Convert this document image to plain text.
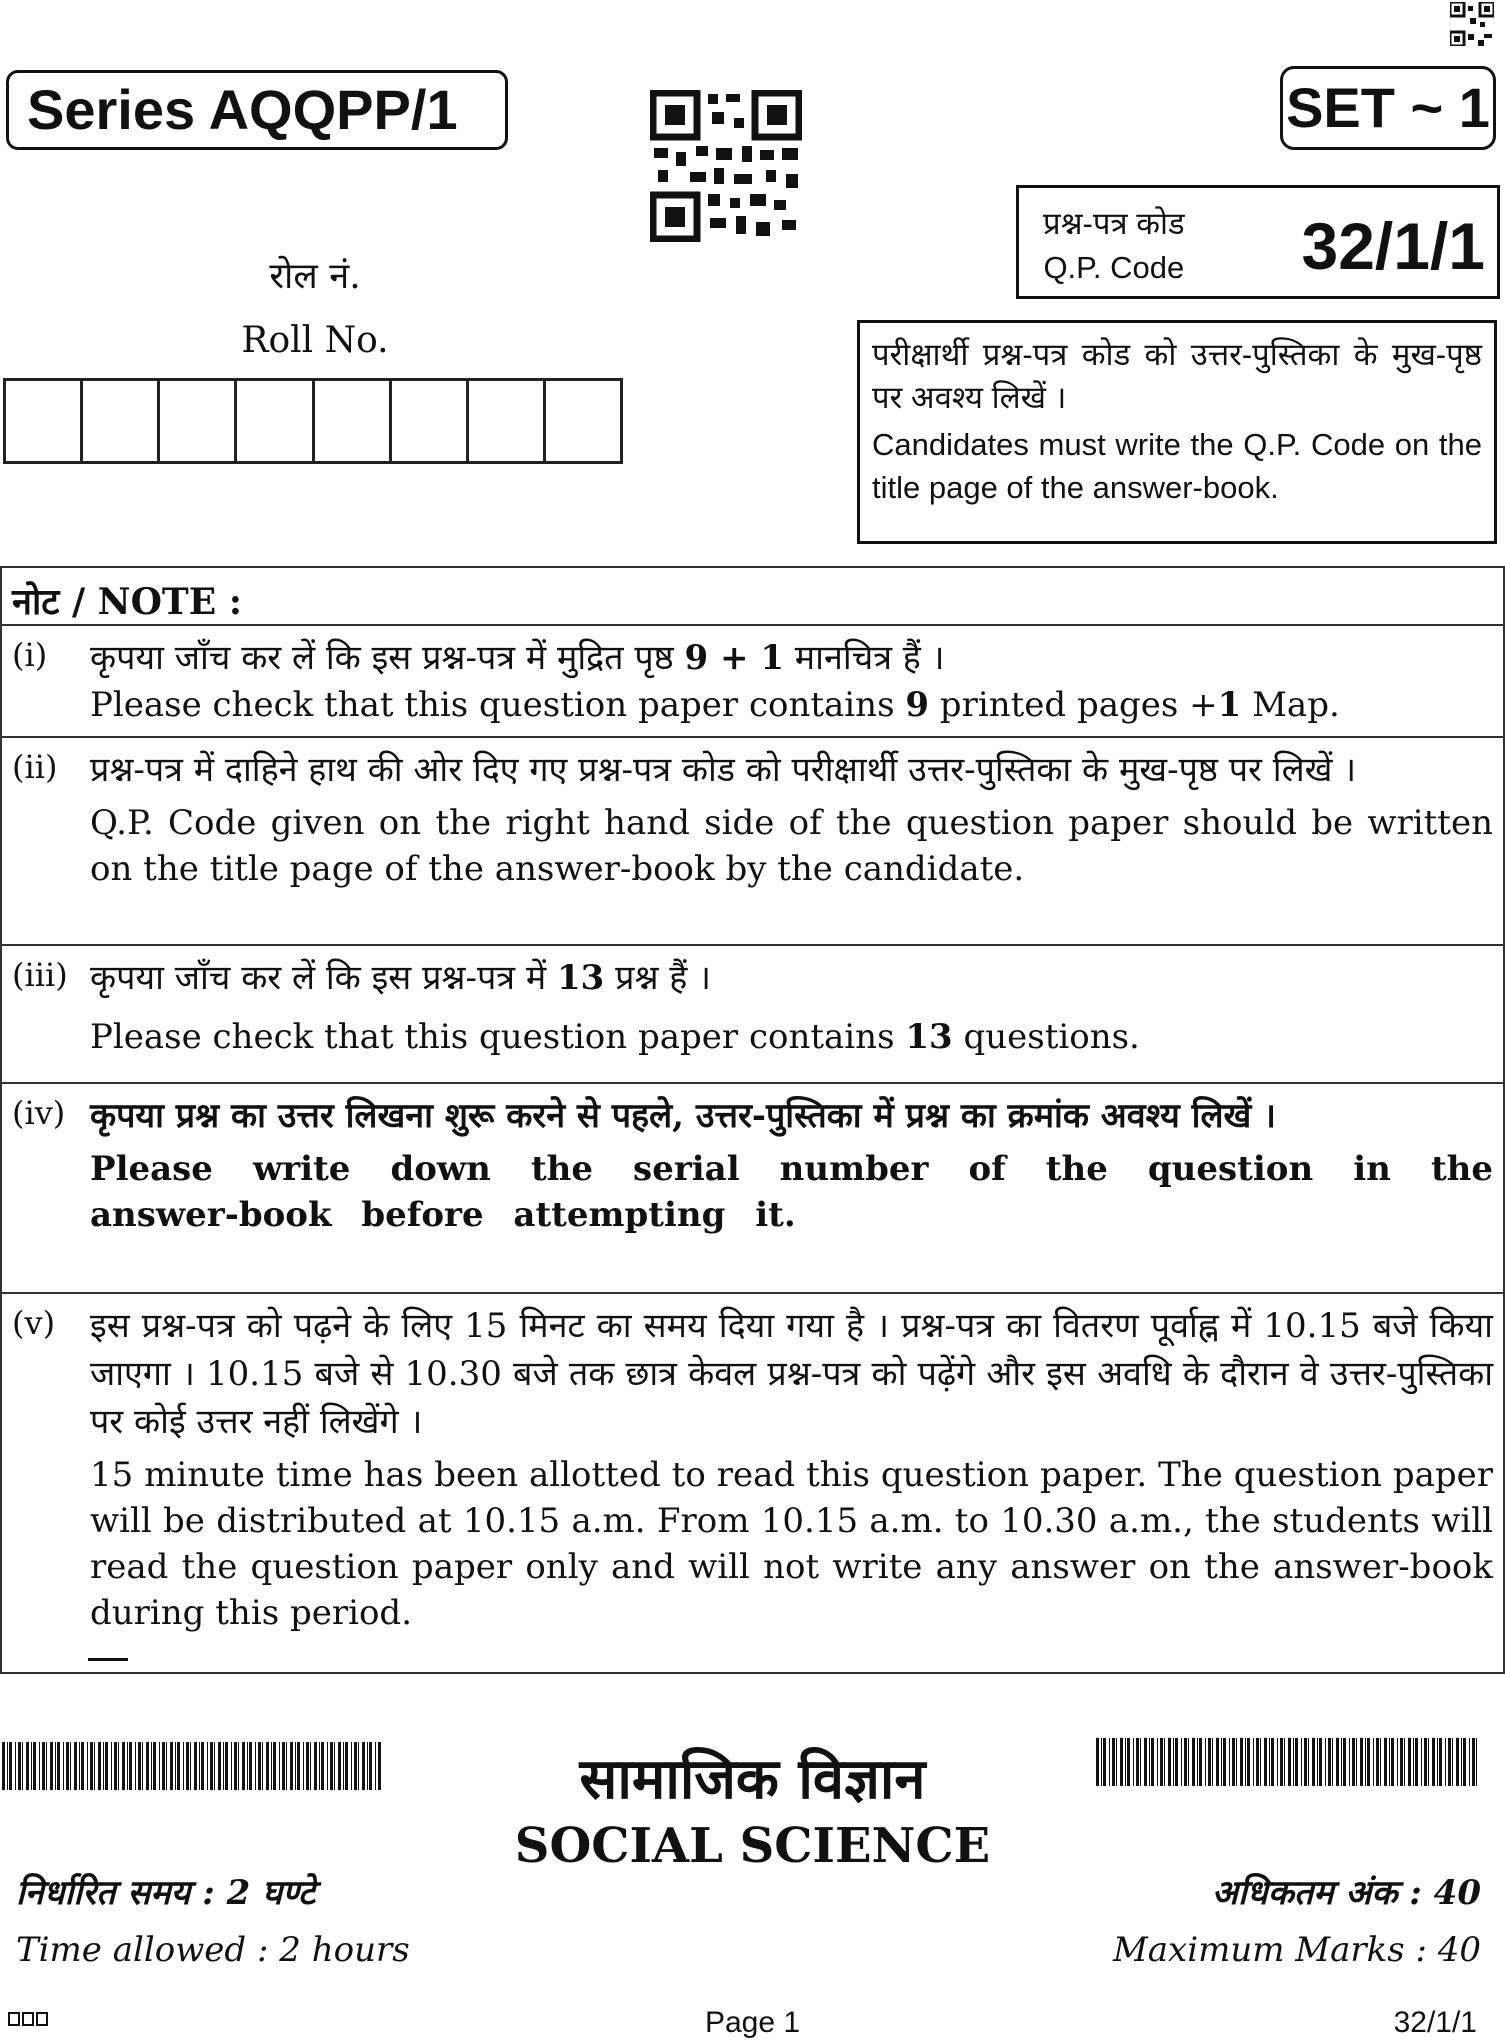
Series AQQPP/1	SET ~ 1
प्रश्न-पत्र कोड
Q.P. Code 32/1/1
रोल नं.
Roll No.	परीक्षार्थी प्रश्न-पत्र कोड को उत्तर-पुस्तिका के मुख-पृष्ठ पर अवश्य लिखें ।

Candidates must write the Q.P. Code on the title page of the answer-book.

नोट / NOTE :
(i) कृपया जाँच कर लें कि इस प्रश्न-पत्र में मुद्रित पृष्ठ 9 + 1 मानचित्र हैं ।

Please check that this question paper contains 9 printed pages +1 Map.

(ii) प्रश्न-पत्र में दाहिने हाथ की ओर दिए गए प्रश्न-पत्र कोड को परीक्षार्थी उत्तर-पुस्तिका के मुख-पृष्ठ पर लिखें ।

Q.P. Code given on the right hand side of the question paper should be written on the title page of the answer-book by the candidate.

(iii) कृपया जाँच कर लें कि इस प्रश्न-पत्र में 13 प्रश्न हैं ।

Please check that this question paper contains 13 questions.

(iv) कृपया प्रश्न का उत्तर लिखना शुरू करने से पहले, उत्तर-पुस्तिका में प्रश्न का क्रमांक अवश्य लिखें ।

Please write down the serial number of the question in the answer-book before attempting it.

(v) इस प्रश्न-पत्र को पढ़ने के लिए 15 मिनट का समय दिया गया है । प्रश्न-पत्र का वितरण पूर्वाह्न में 10.15 बजे किया जाएगा । 10.15 बजे से 10.30 बजे तक छात्र केवल प्रश्न-पत्र को पढ़ेंगे और इस अवधि के दौरान वे उत्तर-पुस्तिका पर कोई उत्तर नहीं लिखेंगे ।

15 minute time has been allotted to read this question paper. The question paper will be distributed at 10.15 a.m. From 10.15 a.m. to 10.30 a.m., the students will read the question paper only and will not write any answer on the answer-book during this period.

सामाजिक विज्ञान
SOCIAL SCIENCE
निर्धारित समय : 2 घण्टे
Time allowed : 2 hours
अधिकतम अंक : 40
Maximum Marks : 40
Page 1	32/1/1
